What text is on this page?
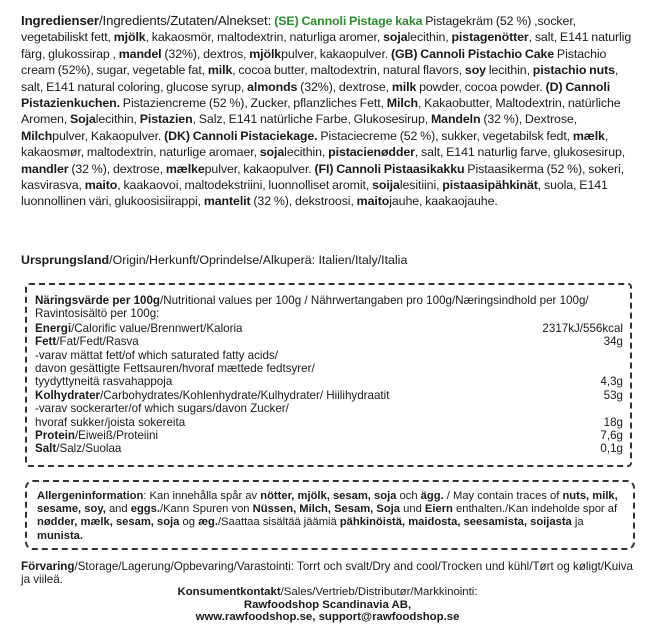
Ingredienser/Ingredients/Zutaten/Alnekset: (SE) Cannoli Pistage kaka Pistagekräm (52 %) ,socker, vegetabiliskt fett, mjölk, kakaosmör, maltodextrin, naturliga aromer, sojalecithin, pistagenötter, salt, E141 naturlig färg, glukossirap , mandel (32%), dextros, mjölkpulver, kakaopulver. (GB) Cannoli Pistachio Cake Pistachio cream (52%), sugar, vegetable fat, milk, cocoa butter, maltodextrin, natural flavors, soy lecithin, pistachio nuts, salt, E141 natural coloring, glucose syrup, almonds (32%), dextrose, milk powder, cocoa powder. (D) Cannoli Pistazienkuchen. Pistaziencreme (52 %), Zucker, pflanzliches Fett, Milch, Kakaobutter, Maltodextrin, natürliche Aromen, Sojalecithin, Pistazien, Salz, E141 natürliche Farbe, Glukosesirup, Mandeln (32 %), Dextrose, Milchpulver, Kakaopulver. (DK) Cannoli Pistaciekage. Pistaciecreme (52 %), sukker, vegetabilsk fedt, mælk, kakaosmør, maltodextrin, naturlige aromaer, sojalecithin, pistacienødder, salt, E141 naturlig farve, glukosesirup, mandler (32 %), dextrose, mælkepulver, kakaopulver. (FI) Cannoli Pistaasikakku Pistaasikerma (52 %), sokeri, kasvirasva, maito, kaakaovoi, maltodekstriini, luonnolliset aromit, soijalesitiini, pistaasipähkinät, suola, E141 luonnollinen väri, glukoosisiirappi, mantelit (32 %), dekstroosi, maitojauhe, kaakaojauhe.
Ursprungsland/Origin/Herkunft/Oprindelse/Alkuperä: Italien/Italy/Italia
Näringsvärde per 100g/Nutritional values per 100g / Nährwertangaben pro 100g/Næringsindhold per 100g/ Ravintosisältö per 100g:
Energi/Calorific value/Brennwert/Kaloria	2317kJ/556kcal
Fett/Fat/Fedt/Rasva	34g
-varav mättat fett/of which saturated fatty acids/
davon gesättigte Fettsauren/hvoraf mættede fedtsyrer/
tyydyttyneitä rasvahappoja	4,3g
Kolhydrater/Carbohydrates/Kohlenhydrate/Kulhydrater/ Hiilihydraatit	53g
-varav sockerarter/of which sugars/davon Zucker/
hvoraf sukker/joista sokereita	18g
Protein/Eiweiß/Proteiini	7,6g
Salt/Salz/Suolaa	0,1g
Allergeninformation: Kan innehålla spår av nötter, mjölk, sesam, soja och ägg. / May contain traces of nuts, milk, sesame, soy, and eggs./Kann Spuren von Nüssen, Milch, Sesam, Soja und Eiern enthalten./Kan indeholde spor af nødder, mælk, sesam, soja og æg./Saattaa sisältää jäämiä pähkinöistä, maidosta, seesamista, soijasta ja munista.
Förvaring/Storage/Lagerung/Opbevaring/Varastointi: Torrt och svalt/Dry and cool/Trocken und kühl/Tørt og køligt/Kuiva ja viileä.
Konsumentkontakt/Sales/Vertrieb/Distributør/Markkinointi:
Rawfoodshop Scandinavia AB,
www.rawfoodshop.se, support@rawfoodshop.se
